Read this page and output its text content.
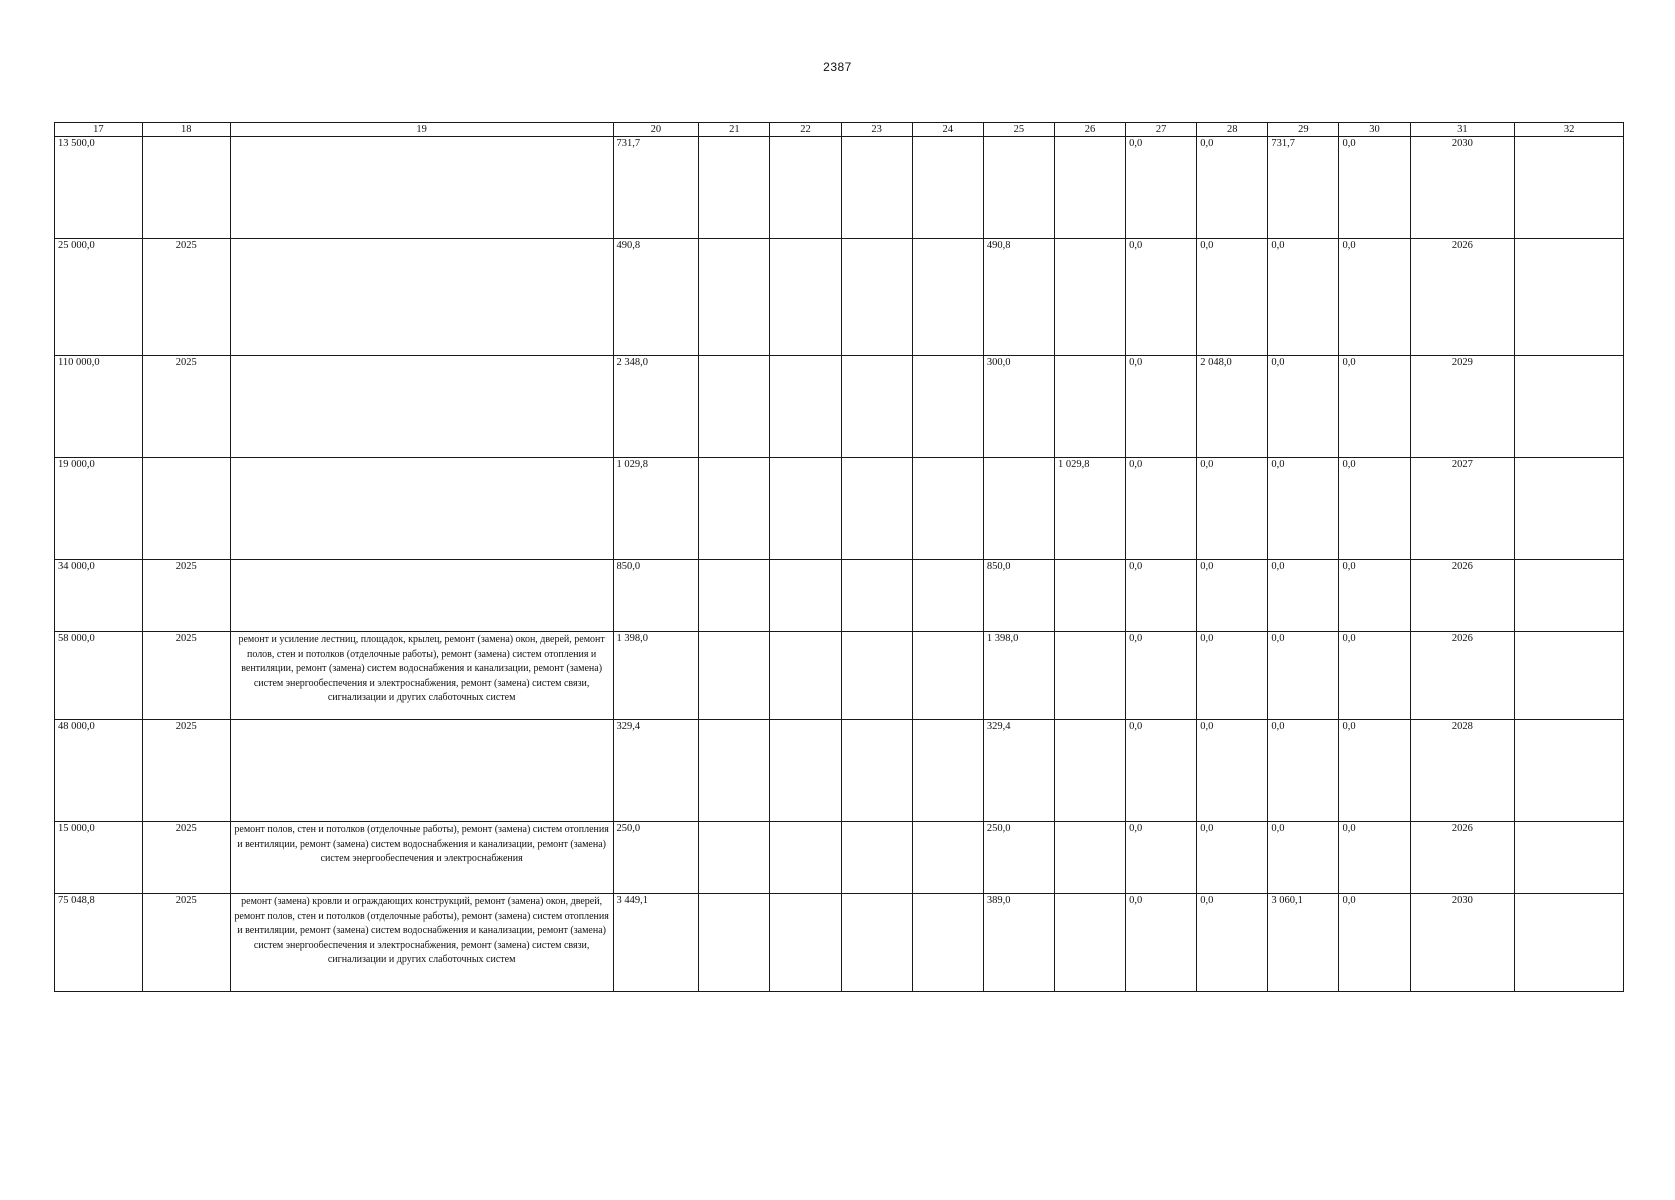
2387
17	18	19	20	21	22	23	24	25	26	27	28	29	30	31	32
13 500,0			731,7							0,0	0,0	731,7	0,0	2030	
25 000,0	2025		490,8					490,8		0,0	0,0	0,0	0,0	2026	
110 000,0	2025		2 348,0					300,0		0,0	2 048,0	0,0	0,0	2029	
19 000,0			1 029,8						1 029,8	0,0	0,0	0,0	0,0	2027	
34 000,0	2025		850,0					850,0		0,0	0,0	0,0	0,0	2026	
58 000,0	2025	ремонт и усиление лестниц, площадок, крылец, ремонт (замена) окон, дверей, ремонт полов, стен и потолков (отделочные работы), ремонт (замена) систем отопления и вентиляции, ремонт (замена) систем водоснабжения и канализации, ремонт (замена) систем энергообеспечения и электроснабжения, ремонт (замена) систем связи, сигнализации и других слаботочных систем	1 398,0					1 398,0		0,0	0,0	0,0	0,0	2026	
48 000,0	2025		329,4					329,4		0,0	0,0	0,0	0,0	2028	
15 000,0	2025	ремонт полов, стен и потолков (отделочные работы), ремонт (замена) систем отопления и вентиляции, ремонт (замена) систем водоснабжения и канализации, ремонт (замена) систем энергообеспечения и электроснабжения	250,0					250,0		0,0	0,0	0,0	0,0	2026	
75 048,8	2025	ремонт (замена) кровли и ограждающих конструкций, ремонт (замена) окон, дверей, ремонт полов, стен и потолков (отделочные работы), ремонт (замена) систем отопления и вентиляции, ремонт (замена) систем водоснабжения и канализации, ремонт (замена) систем энергообеспечения и электроснабжения, ремонт (замена) систем связи, сигнализации и других слаботочных систем	3 449,1					389,0		0,0	0,0	3 060,1	0,0	2030	
